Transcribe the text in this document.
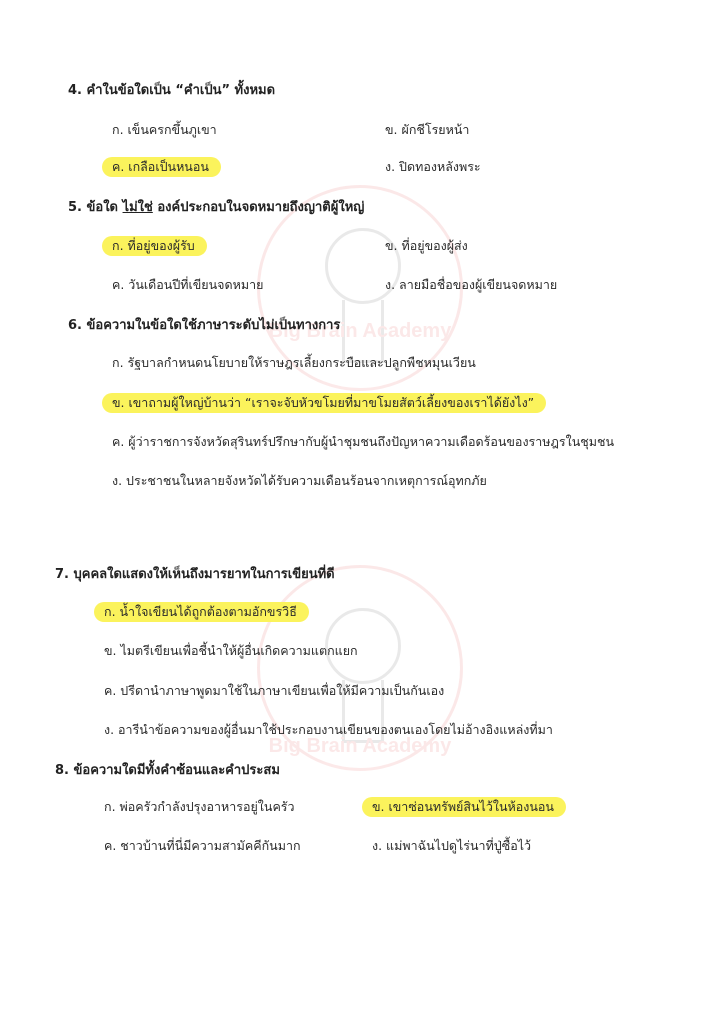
Big Brain Academy
Big Brain Academy
4. คำในข้อใดเป็น “คำเป็น” ทั้งหมด
ก. เข็นครกขึ้นภูเขา	ข. ผักชีโรยหน้า
ค. เกลือเป็นหนอน	ง. ปิดทองหลังพระ
5. ข้อใด ไม่ใช่ องค์ประกอบในจดหมายถึงญาติผู้ใหญ่
ก. ที่อยู่ของผู้รับ	ข. ที่อยู่ของผู้ส่ง
ค. วันเดือนปีที่เขียนจดหมาย	ง. ลายมือชื่อของผู้เขียนจดหมาย
6. ข้อความในข้อใดใช้ภาษาระดับไม่เป็นทางการ
ก. รัฐบาลกำหนดนโยบายให้ราษฎรเลี้ยงกระบือและปลูกพืชหมุนเวียน
ข. เขาถามผู้ใหญ่บ้านว่า “เราจะจับหัวขโมยที่มาขโมยสัตว์เลี้ยงของเราได้ยังไง”
ค. ผู้ว่าราชการจังหวัดสุรินทร์ปรึกษากับผู้นำชุมชนถึงปัญหาความเดือดร้อนของราษฎรในชุมชน
ง. ประชาชนในหลายจังหวัดได้รับความเดือนร้อนจากเหตุการณ์อุทกภัย
7. บุคคลใดแสดงให้เห็นถึงมารยาทในการเขียนที่ดี
ก. น้ำใจเขียนได้ถูกต้องตามอักขรวิธี
ข. ไมตรีเขียนเพื่อชี้นำให้ผู้อื่นเกิดความแตกแยก
ค. ปรีดานำภาษาพูดมาใช้ในภาษาเขียนเพื่อให้มีความเป็นกันเอง
ง. อารีนำข้อความของผู้อื่นมาใช้ประกอบงานเขียนของตนเองโดยไม่อ้างอิงแหล่งที่มา
8. ข้อความใดมีทั้งคำซ้อนและคำประสม
ก. พ่อครัวกำลังปรุงอาหารอยู่ในครัว	ข. เขาซ่อนทรัพย์สินไว้ในห้องนอน
ค. ชาวบ้านที่นี่มีความสามัคคีกันมาก	ง. แม่พาฉันไปดูไร่นาที่ปู่ซื้อไว้
